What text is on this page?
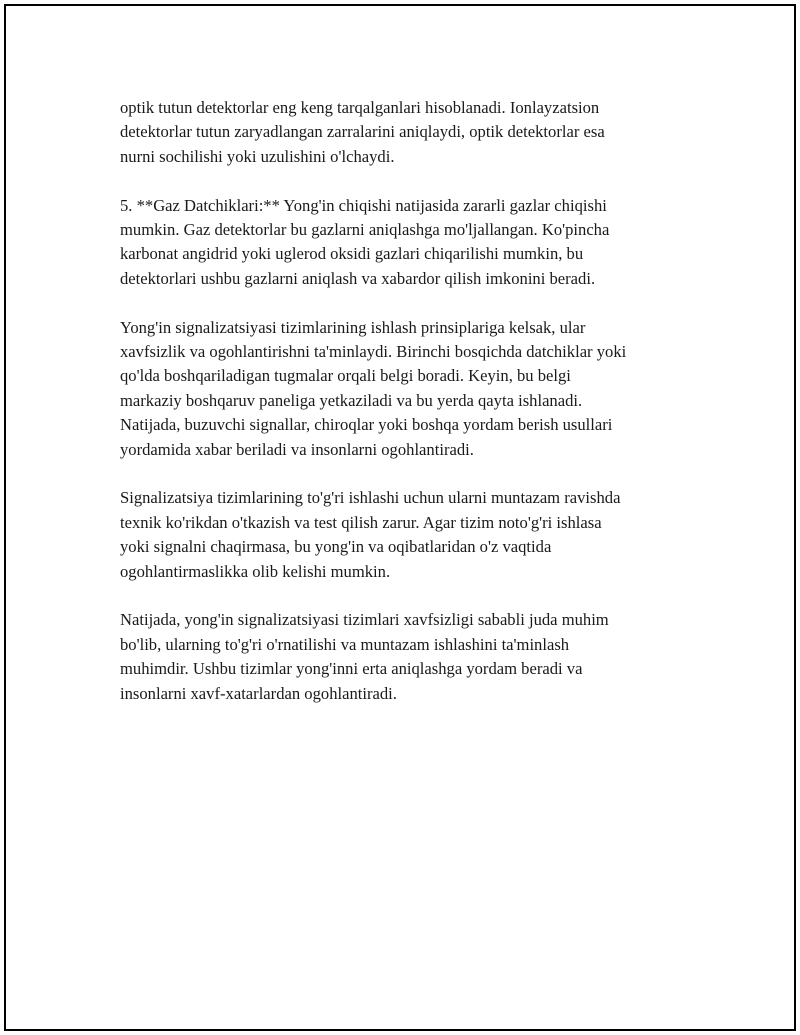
optik tutun detektorlar eng keng tarqalganlari hisoblanadi. Ionlayzatsion
detektorlar tutun zaryadlangan zarralarini aniqlaydi, optik detektorlar esa
nurni sochilishi yoki uzulishini o'lchaydi.

5. **Gaz Datchiklari:** Yong'in chiqishi natijasida zararli gazlar chiqishi
mumkin. Gaz detektorlar bu gazlarni aniqlashga mo'ljallangan. Ko'pincha
karbonat angidrid yoki uglerod oksidi gazlari chiqarilishi mumkin, bu
detektorlari ushbu gazlarni aniqlash va xabardor qilish imkonini beradi.

Yong'in signalizatsiyasi tizimlarining ishlash prinsiplariga kelsak, ular
xavfsizlik va ogohlantirishni ta'minlaydi. Birinchi bosqichda datchiklar yoki
qo'lda boshqariladigan tugmalar orqali belgi boradi. Keyin, bu belgi
markaziy boshqaruv paneliga yetkaziladi va bu yerda qayta ishlanadi.
Natijada, buzuvchi signallar, chiroqlar yoki boshqa yordam berish usullari
yordamida xabar beriladi va insonlarni ogohlantiradi.

Signalizatsiya tizimlarining to'g'ri ishlashi uchun ularni muntazam ravishda
texnik ko'rikdan o'tkazish va test qilish zarur. Agar tizim noto'g'ri ishlasa
yoki signalni chaqirmasa, bu yong'in va oqibatlaridan o'z vaqtida
ogohlantirmaslikka olib kelishi mumkin.

Natijada, yong'in signalizatsiyasi tizimlari xavfsizligi sababli juda muhim
bo'lib, ularning to'g'ri o'rnatilishi va muntazam ishlashini ta'minlash
muhimdir. Ushbu tizimlar yong'inni erta aniqlashga yordam beradi va
insonlarni xavf-xatarlardan ogohlantiradi.
